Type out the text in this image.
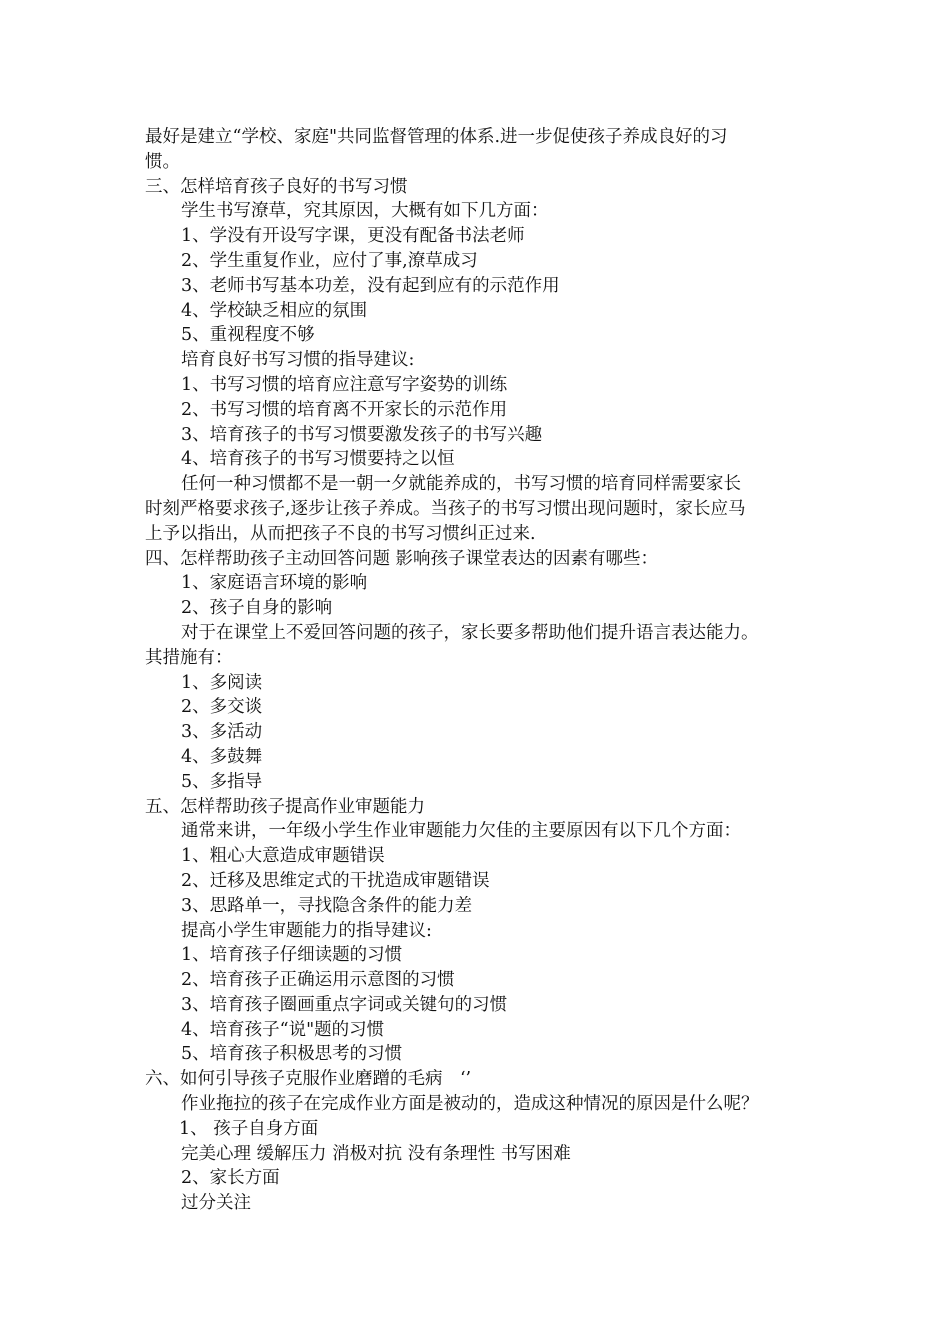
最好是建立“学校、家庭"共同监督管理的体系.进一步促使孩子养成良好的习

惯。

三、怎样培育孩子良好的书写习惯

学生书写潦草，究其原因，大概有如下几方面：

1、学没有开设写字课，更没有配备书法老师

2、学生重复作业，应付了事,潦草成习

3、老师书写基本功差，没有起到应有的示范作用

4、学校缺乏相应的氛围

5、重视程度不够

培育良好书写习惯的指导建议:

1、书写习惯的培育应注意写字姿势的训练

2、书写习惯的培育离不开家长的示范作用

3、培育孩子的书写习惯要激发孩子的书写兴趣

4、培育孩子的书写习惯要持之以恒

任何一种习惯都不是一朝一夕就能养成的，书写习惯的培育同样需要家长

时刻严格要求孩子,逐步让孩子养成。当孩子的书写习惯出现问题时，家长应马

上予以指出，从而把孩子不良的书写习惯纠正过来.

四、怎样帮助孩子主动回答问题 影响孩子课堂表达的因素有哪些：

1、家庭语言环境的影响

2、孩子自身的影响

对于在课堂上不爱回答问题的孩子，家长要多帮助他们提升语言表达能力。

其措施有：

1、多阅读

2、多交谈

3、多活动

4、多鼓舞

5、多指导

五、怎样帮助孩子提高作业审题能力

通常来讲，一年级小学生作业审题能力欠佳的主要原因有以下几个方面：

1、粗心大意造成审题错误

2、迁移及思维定式的干扰造成审题错误

3、思路单一，寻找隐含条件的能力差

提高小学生审题能力的指导建议:

1、培育孩子仔细读题的习惯

2、培育孩子正确运用示意图的习惯

3、培育孩子圈画重点字词或关键句的习惯

4、培育孩子“说"题的习惯

5、培育孩子积极思考的习惯

六、如何引导孩子克服作业磨蹭的毛病　‘’

作业拖拉的孩子在完成作业方面是被动的，造成这种情况的原因是什么呢？

1、 孩子自身方面

完美心理 缓解压力 消极对抗 没有条理性 书写困难

2、家长方面

过分关注
